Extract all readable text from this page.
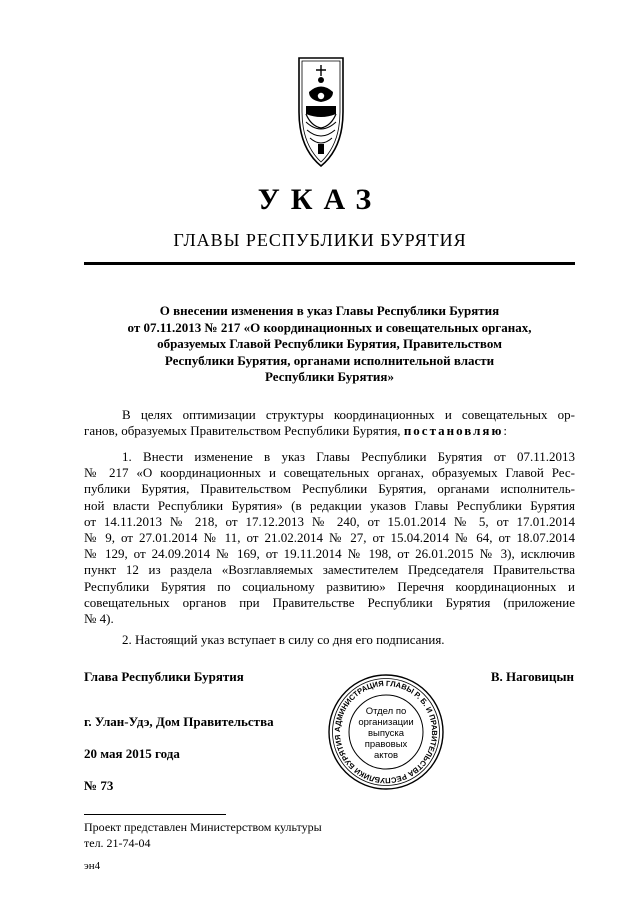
УКАЗ
ГЛАВЫ РЕСПУБЛИКИ БУРЯТИЯ
О внесении изменения в указ Главы Республики Бурятия
от 07.11.2013 № 217 «О координационных и совещательных органах,
образуемых Главой Республики Бурятия, Правительством
Республики Бурятия, органами исполнительной власти
Республики Бурятия»
В целях оптимизации структуры координационных и совещательных ор-
ганов, образуемых Правительством Республики Бурятия, постановляю:
1. Внести изменение в указ Главы Республики Бурятия от 07.11.2013
№ 217 «О координационных и совещательных органах, образуемых Главой Рес-
публики Бурятия, Правительством Республики Бурятия, органами исполнитель-
ной власти Республики Бурятия» (в редакции указов Главы Республики Бурятия
от 14.11.2013 № 218, от 17.12.2013 № 240, от 15.01.2014 № 5, от 17.01.2014
№ 9, от 27.01.2014 № 11, от 21.02.2014 № 27, от 15.04.2014 № 64, от 18.07.2014
№ 129, от 24.09.2014 № 169, от 19.11.2014 № 198, от 26.01.2015 № 3), исключив
пункт 12 из раздела «Возглавляемых заместителем Председателя Правительства
Республики Бурятия по социальному развитию» Перечня координационных и
совещательных органов при Правительстве Республики Бурятия (приложение
№ 4).
2. Настоящий указ вступает в силу со дня его подписания.
Глава Республики Бурятия	В. Наговицын
г. Улан-Удэ, Дом Правительства
20 мая 2015 года
№ 73
АДМИНИСТРАЦИЯ ГЛАВЫ Р. Б. И ПРАВИТЕЛЬСТВА РЕСПУБЛИКИ БУРЯТИЯ
Отдел по
организации
выпуска
правовых
актов
Проект представлен Министерством культуры
тел. 21-74-04
эн4
